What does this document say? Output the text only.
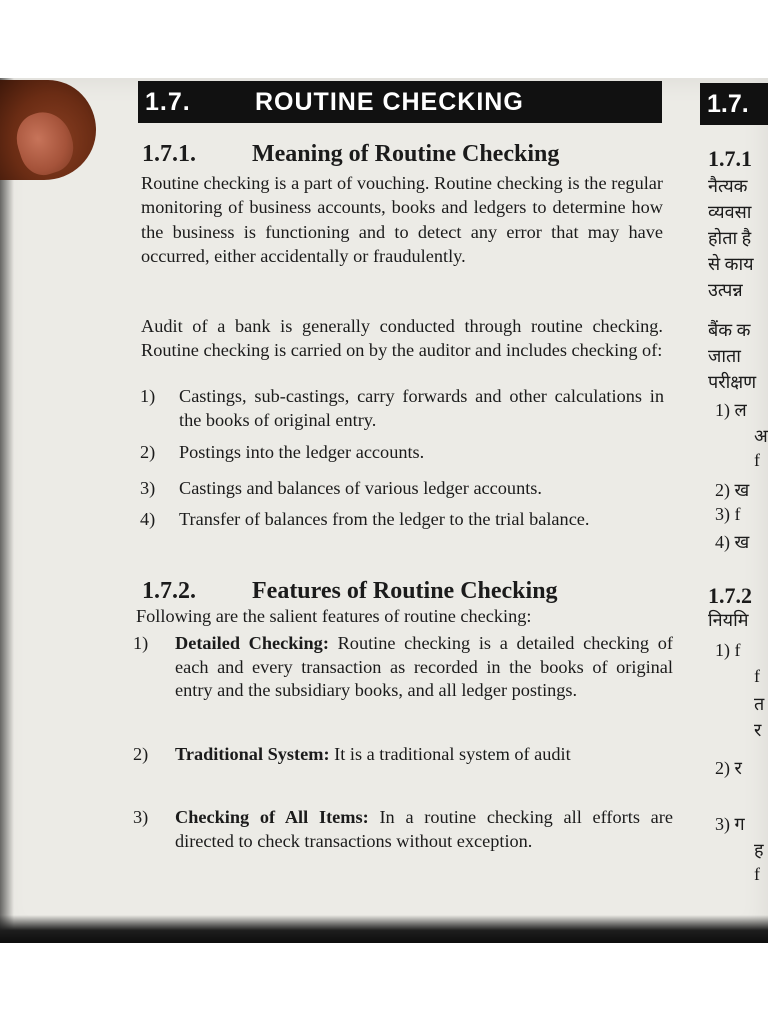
1.7.	ROUTINE CHECKING
1.7.1. Meaning of Routine Checking
Routine checking is a part of vouching. Routine checking is the regular monitoring of business accounts, books and ledgers to determine how the business is functioning and to detect any error that may have occurred, either accidentally or fraudulently.
Audit of a bank is generally conducted through routine checking. Routine checking is carried on by the auditor and includes checking of:
1) Castings, sub-castings, carry forwards and other calculations in the books of original entry.
2) Postings into the ledger accounts.
3) Castings and balances of various ledger accounts.
4) Transfer of balances from the ledger to the trial balance.
1.7.2. Features of Routine Checking
Following are the salient features of routine checking:
1) Detailed Checking: Routine checking is a detailed checking of each and every transaction as recorded in the books of original entry and the subsidiary books, and all ledger postings.
2) Traditional System: It is a traditional system of audit
3) Checking of All Items: In a routine checking all efforts are directed to check transactions without exception.
1.7.
1.7.1
नैत्यक
व्यवसा
होता है
से काय
उत्पन्न
बैंक क
जाता
परीक्षण
1) ल
अ
f
2) ख
3) f
4) ख
1.7.2
नियमि
1) f
f
त
र
2) र
3) ग
ह
f
